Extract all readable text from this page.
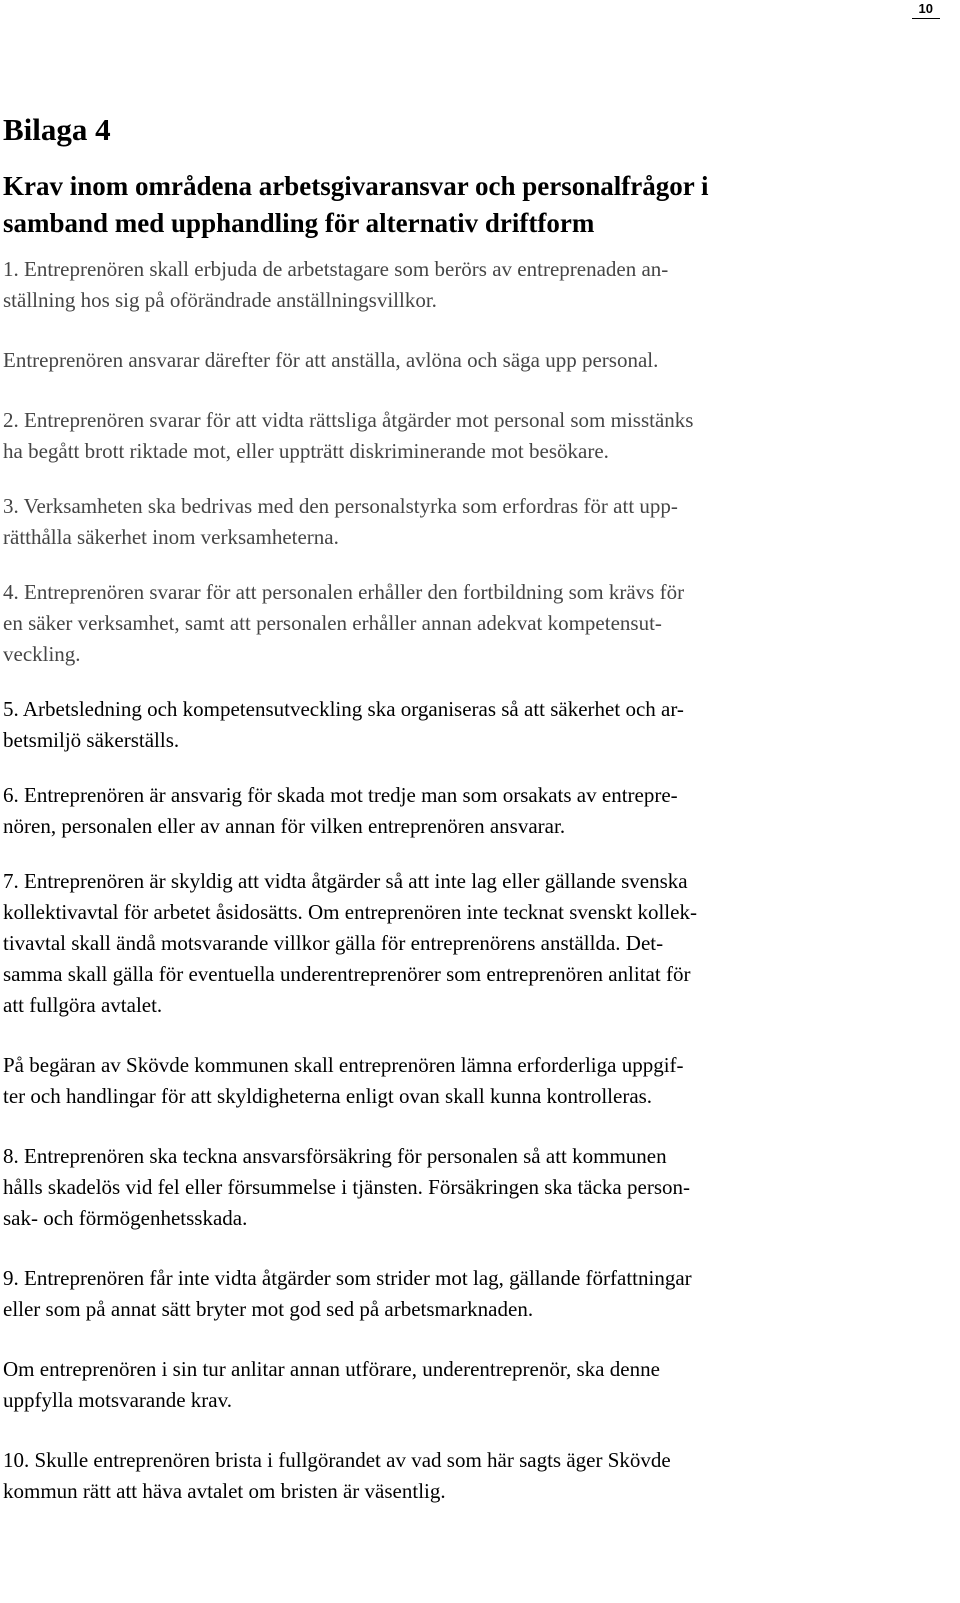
10
Bilaga 4
Krav inom områdena arbetsgivaransvar och personalfrågor i
samband med upphandling för alternativ driftform

1. Entreprenören skall erbjuda de arbetstagare som berörs av entreprenaden an-
ställning hos sig på oförändrade anställningsvillkor.

Entreprenören ansvarar därefter för att anställa, avlöna och säga upp personal.

2. Entreprenören svarar för att vidta rättsliga åtgärder mot personal som misstänks
ha begått brott riktade mot, eller uppträtt diskriminerande mot besökare.

3. Verksamheten ska bedrivas med den personalstyrka som erfordras för att upp-
rätthålla säkerhet inom verksamheterna.

4. Entreprenören svarar för att personalen erhåller den fortbildning som krävs för
en säker verksamhet, samt att personalen erhåller annan adekvat kompetensut-
veckling.

5. Arbetsledning och kompetensutveckling ska organiseras så att säkerhet och ar-
betsmiljö säkerställs.

6. Entreprenören är ansvarig för skada mot tredje man som orsakats av entrepre-
nören, personalen eller av annan för vilken entreprenören ansvarar.

7. Entreprenören är skyldig att vidta åtgärder så att inte lag eller gällande svenska
kollektivavtal för arbetet åsidosätts. Om entreprenören inte tecknat svenskt kollek-
tivavtal skall ändå motsvarande villkor gälla för entreprenörens anställda. Det-
samma skall gälla för eventuella underentreprenörer som entreprenören anlitat för
att fullgöra avtalet.

På begäran av Skövde kommunen skall entreprenören lämna erforderliga uppgif-
ter och handlingar för att skyldigheterna enligt ovan skall kunna kontrolleras.

8. Entreprenören ska teckna ansvarsförsäkring för personalen så att kommunen
hålls skadelös vid fel eller försummelse i tjänsten. Försäkringen ska täcka person-
sak- och förmögenhetsskada.

9. Entreprenören får inte vidta åtgärder som strider mot lag, gällande författningar
eller som på annat sätt bryter mot god sed på arbetsmarknaden.

Om entreprenören i sin tur anlitar annan utförare, underentreprenör, ska denne
uppfylla motsvarande krav.

10. Skulle entreprenören brista i fullgörandet av vad som här sagts äger Skövde
kommun rätt att häva avtalet om bristen är väsentlig.
